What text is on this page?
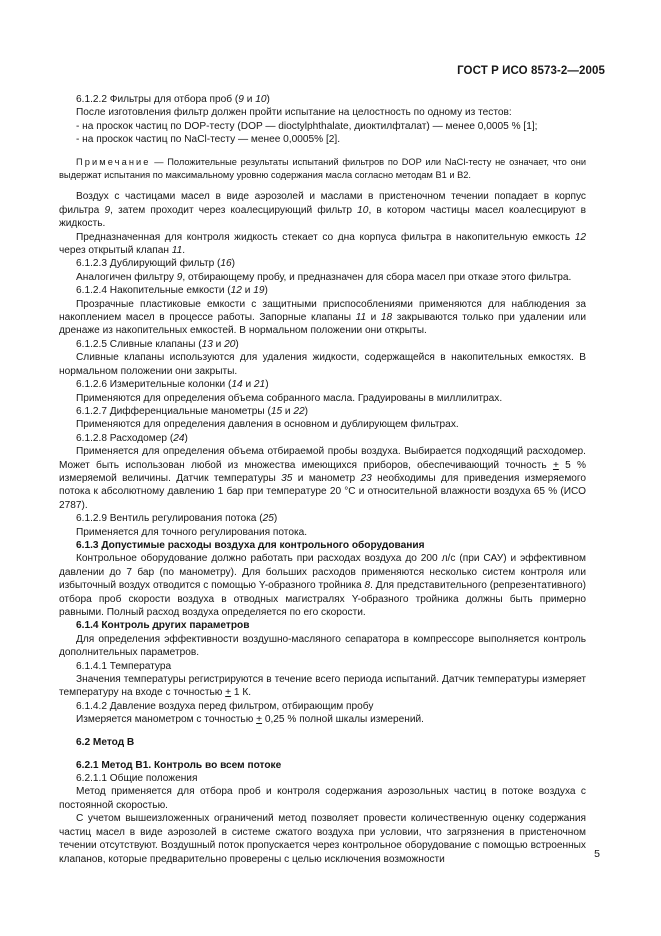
ГОСТ Р ИСО 8573-2—2005

6.1.2.2 Фильтры для отбора проб (9 и 10)

После изготовления фильтр должен пройти испытание на целостность по одному из тестов:

- на проскок частиц по DOP-тесту (DOP — dioctylphthalate, диоктилфталат) — менее 0,0005 % [1];

- на проскок частиц по NaCl-тесту — менее 0,0005% [2].

Примечание — Положительные результаты испытаний фильтров по DOP или NaCl-тесту не означает, что они выдержат испытания по максимальному уровню содержания масла согласно методам В1 и В2.

Воздух с частицами масел в виде аэрозолей и маслами в пристеночном течении попадает в корпус фильтра 9, затем проходит через коалесцирующий фильтр 10, в котором частицы масел коалесцируют в жидкость.

Предназначенная для контроля жидкость стекает со дна корпуса фильтра в накопительную емкость 12 через открытый клапан 11.

6.1.2.3 Дублирующий фильтр (16)

Аналогичен фильтру 9, отбирающему пробу, и предназначен для сбора масел при отказе этого фильтра.

6.1.2.4 Накопительные емкости (12 и 19)

Прозрачные пластиковые емкости с защитными приспособлениями применяются для наблюдения за накоплением масел в процессе работы. Запорные клапаны 11 и 18 закрываются только при удалении или дренаже из накопительных емкостей. В нормальном положении они открыты.

6.1.2.5 Сливные клапаны (13 и 20)

Сливные клапаны используются для удаления жидкости, содержащейся в накопительных емкостях. В нормальном положении они закрыты.

6.1.2.6 Измерительные колонки (14 и 21)

Применяются для определения объема собранного масла. Градуированы в миллилитрах.

6.1.2.7 Дифференциальные манометры (15 и 22)

Применяются для определения давления в основном и дублирующем фильтрах.

6.1.2.8 Расходомер (24)

Применяется для определения объема отбираемой пробы воздуха. Выбирается подходящий расходомер. Может быть использован любой из множества имеющихся приборов, обеспечивающий точность + 5 % измеряемой величины. Датчик температуры 35 и манометр 23 необходимы для приведения измеряемого потока к абсолютному давлению 1 бар при температуре 20 °С и относительной влажности воздуха 65 % (ИСО 2787).

6.1.2.9 Вентиль регулирования потока (25)

Применяется для точного регулирования потока.

6.1.3 Допустимые расходы воздуха для контрольного оборудования

Контрольное оборудование должно работать при расходах воздуха до 200 л/с (при САУ) и эффективном давлении до 7 бар (по манометру). Для больших расходов применяются несколько систем контроля или избыточный воздух отводится с помощью Y-образного тройника 8. Для представительного (репрезентативного) отбора проб скорости воздуха в отводных магистралях Y-образного тройника должны быть примерно равными. Полный расход воздуха определяется по его скорости.

6.1.4 Контроль других параметров

Для определения эффективности воздушно-масляного сепаратора в компрессоре выполняется контроль дополнительных параметров.

6.1.4.1 Температура

Значения температуры регистрируются в течение всего периода испытаний. Датчик температуры измеряет температуру на входе с точностью + 1 К.

6.1.4.2 Давление воздуха перед фильтром, отбирающим пробу

Измеряется манометром с точностью + 0,25 % полной шкалы измерений.

6.2 Метод В

6.2.1 Метод В1. Контроль во всем потоке

6.2.1.1 Общие положения

Метод применяется для отбора проб и контроля содержания аэрозольных частиц в потоке воздуха с постоянной скоростью.

С учетом вышеизложенных ограничений метод позволяет провести количественную оценку содержания частиц масел в виде аэрозолей в системе сжатого воздуха при условии, что загрязнения в пристеночном течении отсутствуют. Воздушный поток пропускается через контрольное оборудование с помощью встроенных клапанов, которые предварительно проверены с целью исключения возможности	5
